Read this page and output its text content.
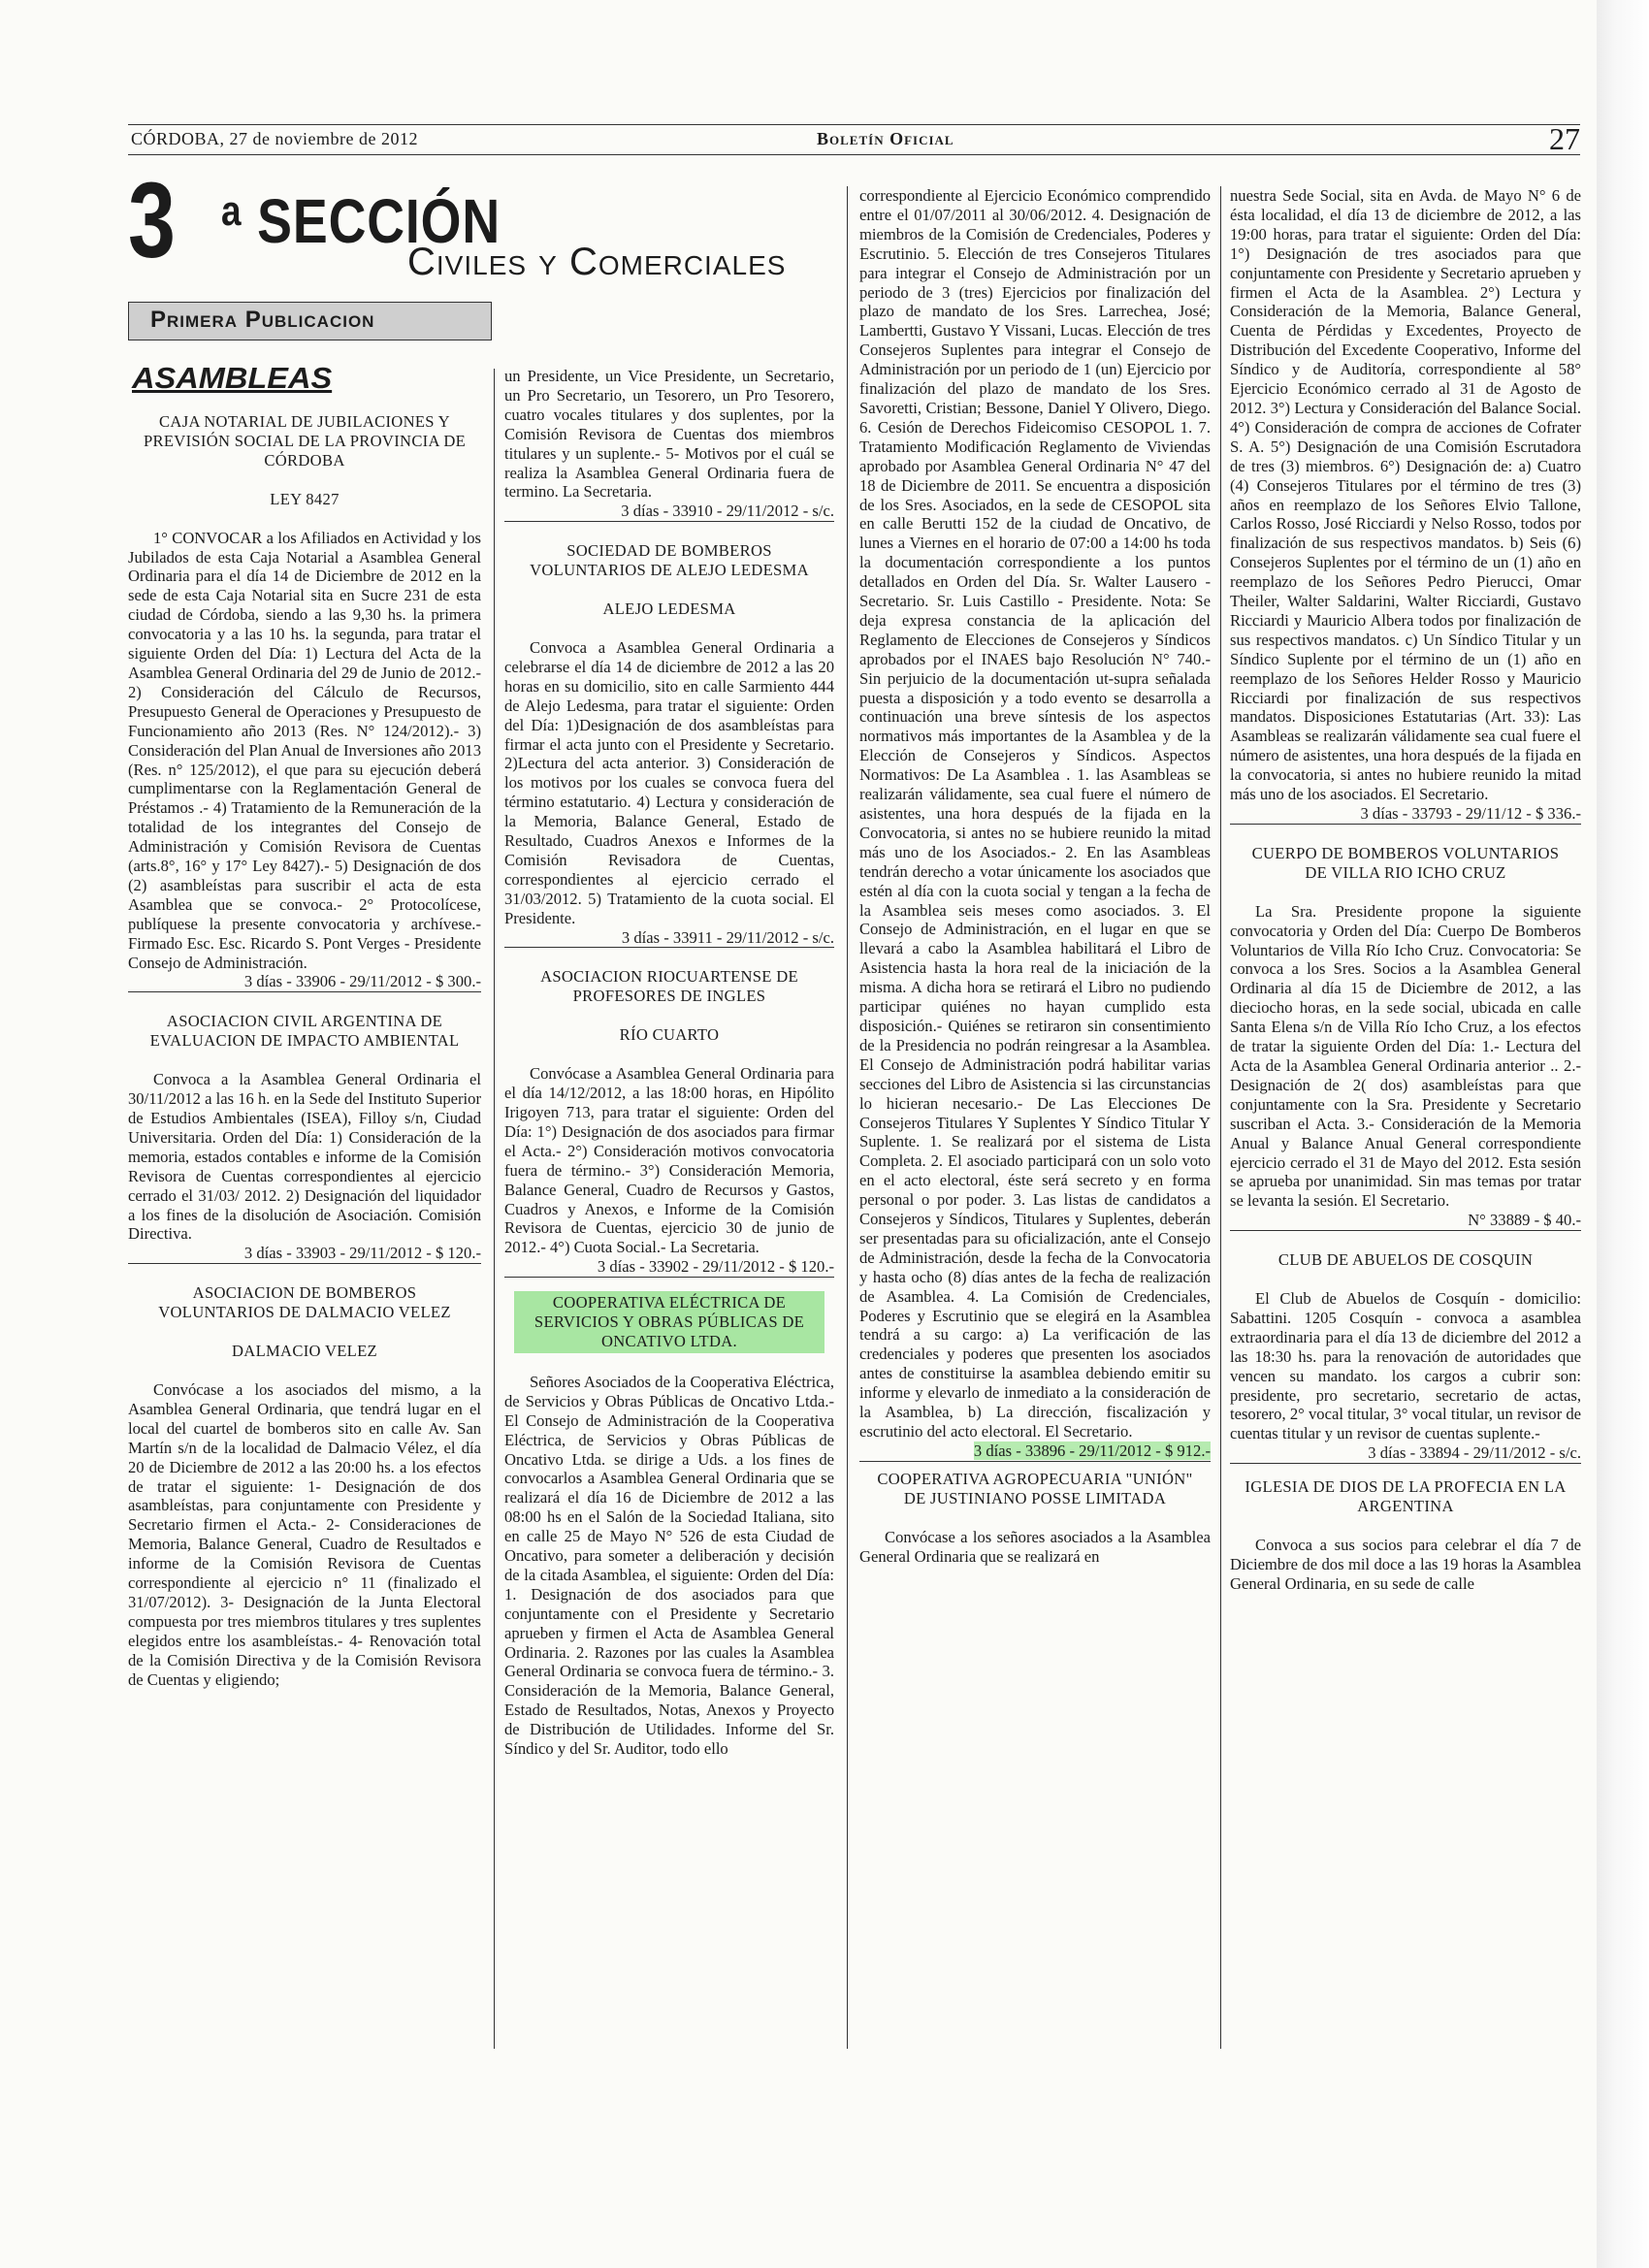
CÓRDOBA, 27 de noviembre de 2012	Boletín Oficial	27
3 $^a$ SECCIÓN
Civiles y Comerciales
Primera Publicacion
ASAMBLEAS
CAJA NOTARIAL DE JUBILACIONES Y PREVISIÓN SOCIAL DE LA PROVINCIA DE CÓRDOBA
LEY 8427

1° CONVOCAR a los Afiliados en Actividad y los Jubilados de esta Caja Notarial a Asamblea General Ordinaria para el día 14 de Diciembre de 2012 en la sede de esta Caja Notarial sita en Sucre 231 de esta ciudad de Córdoba, siendo a las 9,30 hs. la primera convocatoria y a las 10 hs. la segunda, para tratar el siguiente Orden del Día: 1) Lectura del Acta de la Asamblea General Ordinaria del 29 de Junio de 2012.- 2) Consideración del Cálculo de Recursos, Presupuesto General de Operaciones y Presupuesto de Funcionamiento año 2013 (Res. N° 124/2012).- 3) Consideración del Plan Anual de Inversiones año 2013 (Res. n° 125/2012), el que para su ejecución deberá cumplimentarse con la Reglamentación General de Préstamos .- 4) Tratamiento de la Remuneración de la totalidad de los integrantes del Consejo de Administración y Comisión Revisora de Cuentas (arts.8°, 16° y 17° Ley 8427).- 5) Designación de dos (2) asambleístas para suscribir el acta de esta Asamblea que se convoca.- 2° Protocolícese, publíquese la presente convocatoria y archívese.- Firmado Esc. Esc. Ricardo S. Pont Verges - Presidente Consejo de Administración.

3 días - 33906 - 29/11/2012 - $ 300.-
ASOCIACION CIVIL ARGENTINA DE EVALUACION DE IMPACTO AMBIENTAL

Convoca a la Asamblea General Ordinaria el 30/11/2012 a las 16 h. en la Sede del Instituto Superior de Estudios Ambientales (ISEA), Filloy s/n, Ciudad Universitaria. Orden del Día: 1) Consideración de la memoria, estados contables e informe de la Comisión Revisora de Cuentas correspondientes al ejercicio cerrado el 31/03/ 2012. 2) Designación del liquidador a los fines de la disolución de Asociación. Comisión Directiva.

3 días - 33903 - 29/11/2012 - $ 120.-
ASOCIACION DE BOMBEROS VOLUNTARIOS DE DALMACIO VELEZ
DALMACIO VELEZ

Convócase a los asociados del mismo, a la Asamblea General Ordinaria, que tendrá lugar en el local del cuartel de bomberos sito en calle Av. San Martín s/n de la localidad de Dalmacio Vélez, el día 20 de Diciembre de 2012 a las 20:00 hs. a los efectos de tratar el siguiente: 1- Designación de dos asambleístas, para conjuntamente con Presidente y Secretario firmen el Acta.- 2- Consideraciones de Memoria, Balance General, Cuadro de Resultados e informe de la Comisión Revisora de Cuentas correspondiente al ejercicio n° 11 (finalizado el 31/07/2012). 3- Designación de la Junta Electoral compuesta por tres miembros titulares y tres suplentes elegidos entre los asambleístas.- 4- Renovación total de la Comisión Directiva y de la Comisión Revisora de Cuentas y eligiendo;

un Presidente, un Vice Presidente, un Secretario, un Pro Secretario, un Tesorero, un Pro Tesorero, cuatro vocales titulares y dos suplentes, por la Comisión Revisora de Cuentas dos miembros titulares y un suplente.- 5- Motivos por el cuál se realiza la Asamblea General Ordinaria fuera de termino. La Secretaria.

3 días - 33910 - 29/11/2012 - s/c.
SOCIEDAD DE BOMBEROS VOLUNTARIOS DE ALEJO LEDESMA
ALEJO LEDESMA

Convoca a Asamblea General Ordinaria a celebrarse el día 14 de diciembre de 2012 a las 20 horas en su domicilio, sito en calle Sarmiento 444 de Alejo Ledesma, para tratar el siguiente: Orden del Día: 1)Designación de dos asambleístas para firmar el acta junto con el Presidente y Secretario. 2)Lectura del acta anterior. 3) Consideración de los motivos por los cuales se convoca fuera del término estatutario. 4) Lectura y consideración de la Memoria, Balance General, Estado de Resultado, Cuadros Anexos e Informes de la Comisión Revisadora de Cuentas, correspondientes al ejercicio cerrado el 31/03/2012. 5) Tratamiento de la cuota social. El Presidente.

3 días - 33911 - 29/11/2012 - s/c.
ASOCIACION RIOCUARTENSE DE PROFESORES DE INGLES
RÍO CUARTO

Convócase a Asamblea General Ordinaria para el día 14/12/2012, a las 18:00 horas, en Hipólito Irigoyen 713, para tratar el siguiente: Orden del Día: 1°) Designación de dos asociados para firmar el Acta.- 2°) Consideración motivos convocatoria fuera de término.- 3°) Consideración Memoria, Balance General, Cuadro de Recursos y Gastos, Cuadros y Anexos, e Informe de la Comisión Revisora de Cuentas, ejercicio 30 de junio de 2012.- 4°) Cuota Social.- La Secretaria.

3 días - 33902 - 29/11/2012 - $ 120.-
COOPERATIVA ELÉCTRICA DE SERVICIOS Y OBRAS PÚBLICAS DE ONCATIVO LTDA.

Señores Asociados de la Cooperativa Eléctrica, de Servicios y Obras Públicas de Oncativo Ltda.- El Consejo de Administración de la Cooperativa Eléctrica, de Servicios y Obras Públicas de Oncativo Ltda. se dirige a Uds. a los fines de convocarlos a Asamblea General Ordinaria que se realizará el día 16 de Diciembre de 2012 a las 08:00 hs en el Salón de la Sociedad Italiana, sito en calle 25 de Mayo N° 526 de esta Ciudad de Oncativo, para someter a deliberación y decisión de la citada Asamblea, el siguiente: Orden del Día: 1. Designación de dos asociados para que conjuntamente con el Presidente y Secretario aprueben y firmen el Acta de Asamblea General Ordinaria. 2. Razones por las cuales la Asamblea General Ordinaria se convoca fuera de término.- 3. Consideración de la Memoria, Balance General, Estado de Resultados, Notas, Anexos y Proyecto de Distribución de Utilidades. Informe del Sr. Síndico y del Sr. Auditor, todo ello

correspondiente al Ejercicio Económico comprendido entre el 01/07/2011 al 30/06/2012. 4. Designación de miembros de la Comisión de Credenciales, Poderes y Escrutinio. 5. Elección de tres Consejeros Titulares para integrar el Consejo de Administración por un periodo de 3 (tres) Ejercicios por finalización del plazo de mandato de los Sres. Larrechea, José; Lambertti, Gustavo Y Vissani, Lucas. Elección de tres Consejeros Suplentes para integrar el Consejo de Administración por un periodo de 1 (un) Ejercicio por finalización del plazo de mandato de los Sres. Savoretti, Cristian; Bessone, Daniel Y Olivero, Diego. 6. Cesión de Derechos Fideicomiso CESOPOL 1. 7. Tratamiento Modificación Reglamento de Viviendas aprobado por Asamblea General Ordinaria N° 47 del 18 de Diciembre de 2011. Se encuentra a disposición de los Sres. Asociados, en la sede de CESOPOL sita en calle Berutti 152 de la ciudad de Oncativo, de lunes a Viernes en el horario de 07:00 a 14:00 hs toda la documentación correspondiente a los puntos detallados en Orden del Día. Sr. Walter Lausero - Secretario. Sr. Luis Castillo - Presidente. Nota: Se deja expresa constancia de la aplicación del Reglamento de Elecciones de Consejeros y Síndicos aprobados por el INAES bajo Resolución N° 740.- Sin perjuicio de la documentación ut-supra señalada puesta a disposición y a todo evento se desarrolla a continuación una breve síntesis de los aspectos normativos más importantes de la Asamblea y de la Elección de Consejeros y Síndicos. Aspectos Normativos: De La Asamblea . 1. las Asambleas se realizarán válidamente, sea cual fuere el número de asistentes, una hora después de la fijada en la Convocatoria, si antes no se hubiere reunido la mitad más uno de los Asociados.- 2. En las Asambleas tendrán derecho a votar únicamente los asociados que estén al día con la cuota social y tengan a la fecha de la Asamblea seis meses como asociados. 3. El Consejo de Administración, en el lugar en que se llevará a cabo la Asamblea habilitará el Libro de Asistencia hasta la hora real de la iniciación de la misma. A dicha hora se retirará el Libro no pudiendo participar quiénes no hayan cumplido esta disposición.- Quiénes se retiraron sin consentimiento de la Presidencia no podrán reingresar a la Asamblea. El Consejo de Administración podrá habilitar varias secciones del Libro de Asistencia si las circunstancias lo hicieran necesario.- De Las Elecciones De Consejeros Titulares Y Suplentes Y Síndico Titular Y Suplente. 1. Se realizará por el sistema de Lista Completa. 2. El asociado participará con un solo voto en el acto electoral, éste será secreto y en forma personal o por poder. 3. Las listas de candidatos a Consejeros y Síndicos, Titulares y Suplentes, deberán ser presentadas para su oficialización, ante el Consejo de Administración, desde la fecha de la Convocatoria y hasta ocho (8) días antes de la fecha de realización de Asamblea. 4. La Comisión de Credenciales, Poderes y Escrutinio que se elegirá en la Asamblea tendrá a su cargo: a) La verificación de las credenciales y poderes que presenten los asociados antes de constituirse la asamblea debiendo emitir su informe y elevarlo de inmediato a la consideración de la Asamblea, b) La dirección, fiscalización y escrutinio del acto electoral. El Secretario.

3 días - 33896 - 29/11/2012 - $ 912.-
COOPERATIVA AGROPECUARIA "UNIÓN" DE JUSTINIANO POSSE LIMITADA

Convócase a los señores asociados a la Asamblea General Ordinaria que se realizará en

nuestra Sede Social, sita en Avda. de Mayo N° 6 de ésta localidad, el día 13 de diciembre de 2012, a las 19:00 horas, para tratar el siguiente: Orden del Día: 1°) Designación de tres asociados para que conjuntamente con Presidente y Secretario aprueben y firmen el Acta de la Asamblea. 2°) Lectura y Consideración de la Memoria, Balance General, Cuenta de Pérdidas y Excedentes, Proyecto de Distribución del Excedente Cooperativo, Informe del Síndico y de Auditoría, correspondiente al 58° Ejercicio Económico cerrado al 31 de Agosto de 2012. 3°) Lectura y Consideración del Balance Social. 4°) Consideración de compra de acciones de Cofrater S. A. 5°) Designación de una Comisión Escrutadora de tres (3) miembros. 6°) Designación de: a) Cuatro (4) Consejeros Titulares por el término de tres (3) años en reemplazo de los Señores Elvio Tallone, Carlos Rosso, José Ricciardi y Nelso Rosso, todos por finalización de sus respectivos mandatos. b) Seis (6) Consejeros Suplentes por el término de un (1) año en reemplazo de los Señores Pedro Pierucci, Omar Theiler, Walter Saldarini, Walter Ricciardi, Gustavo Ricciardi y Mauricio Albera todos por finalización de sus respectivos mandatos. c) Un Síndico Titular y un Síndico Suplente por el término de un (1) año en reemplazo de los Señores Helder Rosso y Mauricio Ricciardi por finalización de sus respectivos mandatos. Disposiciones Estatutarias (Art. 33): Las Asambleas se realizarán válidamente sea cual fuere el número de asistentes, una hora después de la fijada en la convocatoria, si antes no hubiere reunido la mitad más uno de los asociados. El Secretario.

3 días - 33793 - 29/11/12 - $ 336.-
CUERPO DE BOMBEROS VOLUNTARIOS DE VILLA RIO ICHO CRUZ

La Sra. Presidente propone la siguiente convocatoria y Orden del Día: Cuerpo De Bomberos Voluntarios de Villa Río Icho Cruz. Convocatoria: Se convoca a los Sres. Socios a la Asamblea General Ordinaria al día 15 de Diciembre de 2012, a las dieciocho horas, en la sede social, ubicada en calle Santa Elena s/n de Villa Río Icho Cruz, a los efectos de tratar la siguiente Orden del Día: 1.- Lectura del Acta de la Asamblea General Ordinaria anterior .. 2.- Designación de 2( dos) asambleístas para que conjuntamente con la Sra. Presidente y Secretario suscriban el Acta. 3.- Consideración de la Memoria Anual y Balance Anual General correspondiente ejercicio cerrado el 31 de Mayo del 2012. Esta sesión se aprueba por unanimidad. Sin mas temas por tratar se levanta la sesión. El Secretario.

N° 33889 - $ 40.-
CLUB DE ABUELOS DE COSQUIN

El Club de Abuelos de Cosquín - domicilio: Sabattini. 1205 Cosquín - convoca a asamblea extraordinaria para el día 13 de diciembre del 2012 a las 18:30 hs. para la renovación de autoridades que vencen su mandato. los cargos a cubrir son: presidente, pro secretario, secretario de actas, tesorero, 2° vocal titular, 3° vocal titular, un revisor de cuentas titular y un revisor de cuentas suplente.-

3 días - 33894 - 29/11/2012 - s/c.
IGLESIA DE DIOS DE LA PROFECIA EN LA ARGENTINA

Convoca a sus socios para celebrar el día 7 de Diciembre de dos mil doce a las 19 horas la Asamblea General Ordinaria, en su sede de calle
